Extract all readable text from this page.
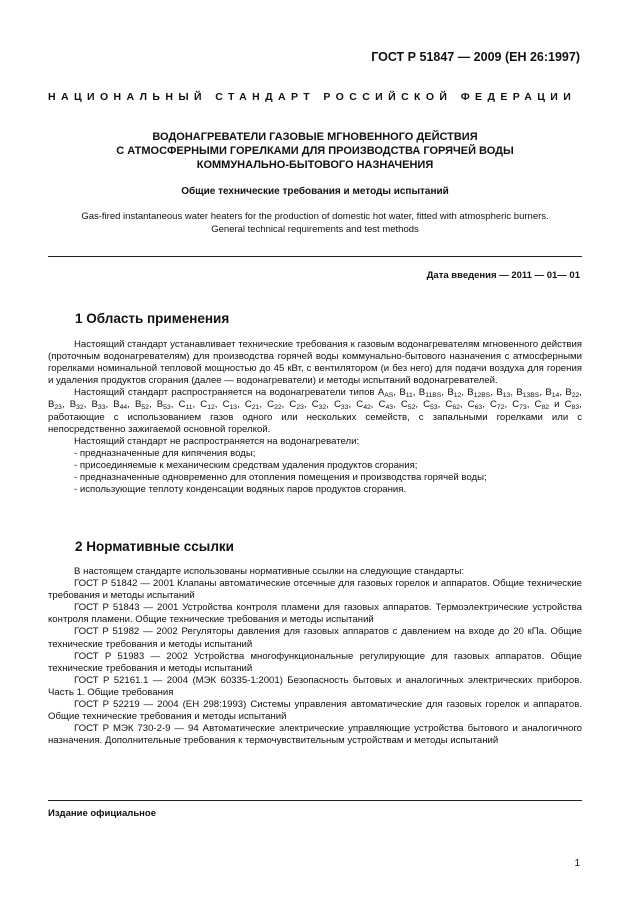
ГОСТ Р 51847 — 2009 (ЕН 26:1997)
НАЦИОНАЛЬНЫЙ СТАНДАРТ РОССИЙСКОЙ ФЕДЕРАЦИИ
ВОДОНАГРЕВАТЕЛИ ГАЗОВЫЕ МГНОВЕННОГО ДЕЙСТВИЯ
С АТМОСФЕРНЫМИ ГОРЕЛКАМИ ДЛЯ ПРОИЗВОДСТВА ГОРЯЧЕЙ ВОДЫ
КОММУНАЛЬНО-БЫТОВОГО НАЗНАЧЕНИЯ
Общие технические требования и методы испытаний
Gas-fired instantaneous water heaters for the production of domestic hot water, fitted with atmospheric burners.
General technical requirements and test methods
Дата введения — 2011 — 01— 01
1 Область применения

Настоящий стандарт устанавливает технические требования к газовым водонагревателям мгновенного действия (проточным водонагревателям) для производства горячей воды коммунально-бытового назначения с атмосферными горелками номинальной тепловой мощностью до 45 кВт, с вентилятором (и без него) для подачи воздуха для горения и удаления продуктов сгорания (далее — водонагреватели) и методы испытаний водонагревателей.

Настоящий стандарт распространяется на водонагреватели типов $A_{AS}$, $B_{11}$, $B_{11BS}$, $B_{12}$, $B_{12BS}$, $B_{13}$, $B_{13BS}$, $B_{14}$, $B_{22}$, $B_{23}$, $B_{32}$, $B_{33}$, $B_{44}$, $B_{52}$, $B_{53}$, $C_{11}$, $C_{12}$, $C_{13}$, $C_{21}$, $C_{22}$, $C_{23}$, $C_{32}$, $C_{33}$, $C_{42}$, $C_{43}$, $C_{52}$, $C_{53}$, $C_{62}$, $C_{63}$, $C_{72}$, $C_{73}$, $C_{82}$ и $C_{83}$, работающие с использованием газов одного или нескольких семейств, с запальными горелками или с непосредственно зажигаемой основной горелкой.

Настоящий стандарт не распространяется на водонагреватели:

- предназначенные для кипячения воды;

- присоединяемые к механическим средствам удаления продуктов сгорания;

- предназначенные одновременно для отопления помещения и производства горячей воды;

- использующие теплоту конденсации водяных паров продуктов сгорания.

2 Нормативные ссылки

В настоящем стандарте использованы нормативные ссылки на следующие стандарты:

ГОСТ Р 51842 — 2001 Клапаны автоматические отсечные для газовых горелок и аппаратов. Общие технические требования и методы испытаний

ГОСТ Р 51843 — 2001 Устройства контроля пламени для газовых аппаратов. Термоэлектрические устройства контроля пламени. Общие технические требования и методы испытаний

ГОСТ Р 51982 — 2002 Регуляторы давления для газовых аппаратов с давлением на входе до 20 кПа. Общие технические требования и методы испытаний

ГОСТ Р 51983 — 2002 Устройства многофункциональные регулирующие для газовых аппаратов. Общие технические требования и методы испытаний

ГОСТ Р 52161.1 — 2004 (МЭК 60335-1:2001) Безопасность бытовых и аналогичных электрических приборов. Часть 1. Общие требования

ГОСТ Р 52219 — 2004 (ЕН 298:1993) Системы управления автоматические для газовых горелок и аппаратов. Общие технические требования и методы испытаний

ГОСТ Р МЭК 730-2-9 — 94 Автоматические электрические управляющие устройства бытового и аналогичного назначения. Дополнительные требования к термочувствительным устройствам и методы испытаний

Издание официальное
1
